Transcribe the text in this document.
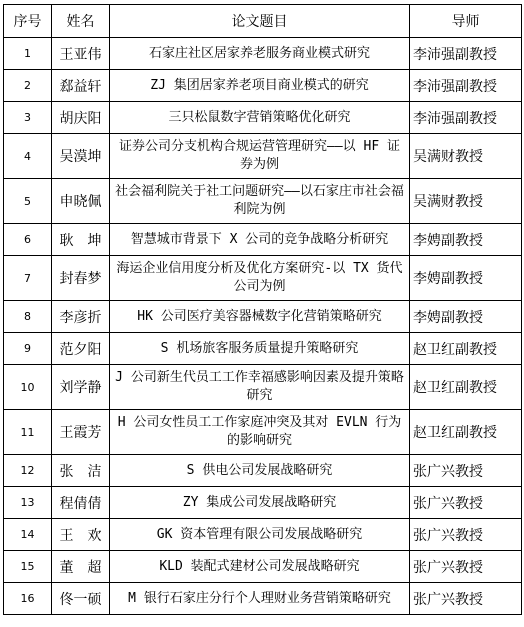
序号	姓名	论文题目	导师
1	王亚伟	石家庄社区居家养老服务商业模式研究	李沛强副教授
2	郄益轩	ZJ 集团居家养老项目商业模式的研究	李沛强副教授
3	胡庆阳	三只松鼠数字营销策略优化研究	李沛强副教授
4	吴漠坤	证券公司分支机构合规运营管理研究——以 HF 证券为例	吴满财教授
5	申晓佩	社会福利院关于社工问题研究——以石家庄市社会福利院为例	吴满财教授
6	耿　坤	智慧城市背景下 X 公司的竞争战略分析研究	李娉副教授
7	封春梦	海运企业信用度分析及优化方案研究-以 TX 货代公司为例	李娉副教授
8	李彦折	HK 公司医疗美容器械数字化营销策略研究	李娉副教授
9	范夕阳	S 机场旅客服务质量提升策略研究	赵卫红副教授
10	刘学静	J 公司新生代员工工作幸福感影响因素及提升策略研究	赵卫红副教授
11	王霞芳	H 公司女性员工工作家庭冲突及其对 EVLN 行为的影响研究	赵卫红副教授
12	张　洁	S 供电公司发展战略研究	张广兴教授
13	程倩倩	ZY 集成公司发展战略研究	张广兴教授
14	王　欢	GK 资本管理有限公司发展战略研究	张广兴教授
15	董　超	KLD 装配式建材公司发展战略研究	张广兴教授
16	佟一硕	M 银行石家庄分行个人理财业务营销策略研究	张广兴教授
